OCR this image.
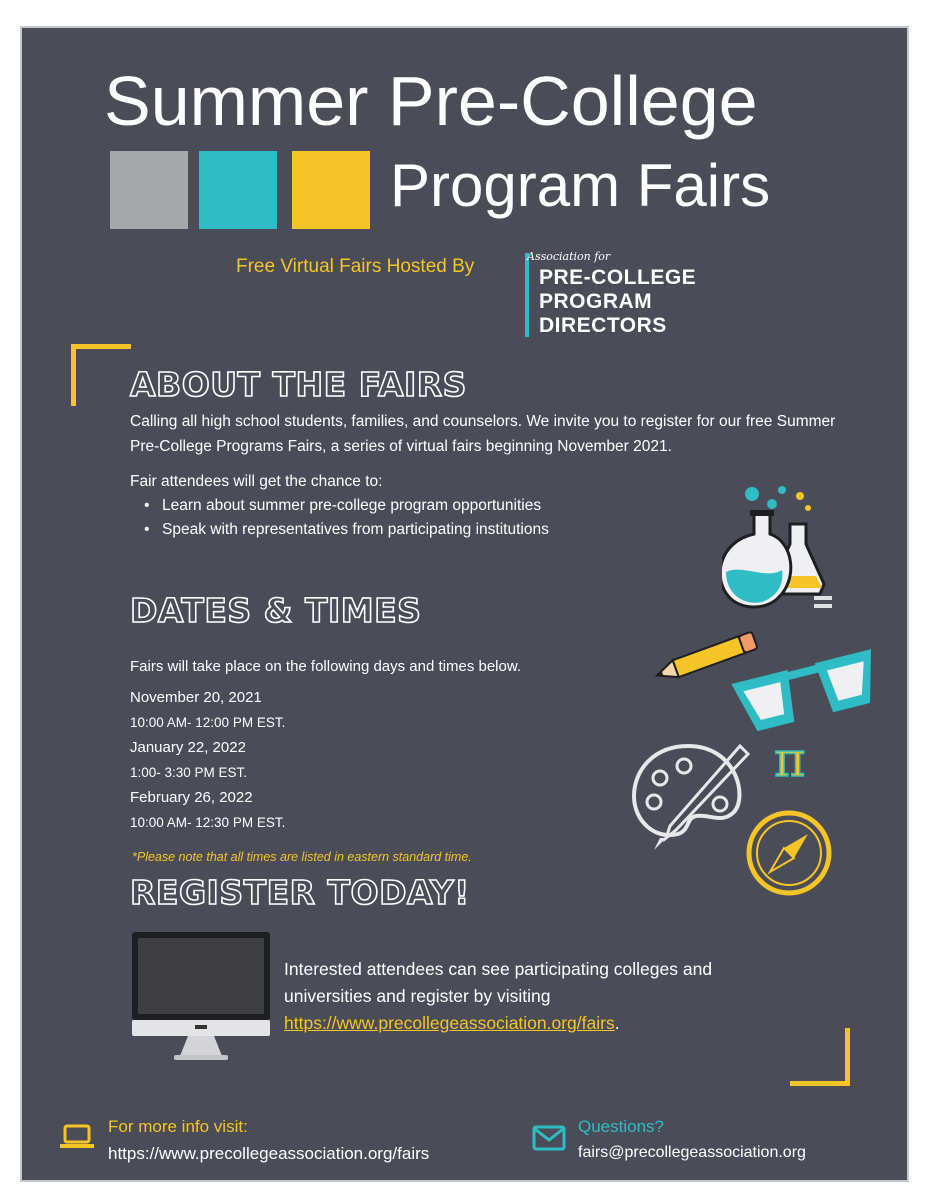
Summer Pre-College
Program Fairs
Free Virtual Fairs Hosted By	Association for
PRE-COLLEGE
PROGRAM
DIRECTORS
ABOUT THE FAIRS
Calling all high school students, families, and counselors. We invite you to register for our free Summer Pre-College Programs Fairs, a series of virtual fairs beginning November 2021.
Fair attendees will get the chance to:
• Learn about summer pre-college program opportunities
• Speak with representatives from participating institutions
DATES & TIMES
Fairs will take place on the following days and times below.
November 20, 2021
10:00 AM- 12:00 PM EST.
January 22, 2022
1:00- 3:30 PM EST.
February 26, 2022
10:00 AM- 12:30 PM EST.
*Please note that all times are listed in eastern standard time.
REGISTER TODAY!
Interested attendees can see participating colleges and
universities and register by visiting
https://www.precollegeassociation.org/fairs.
π
For more info visit:
https://www.precollegeassociation.org/fairs
Questions?
fairs@precollegeassociation.org
